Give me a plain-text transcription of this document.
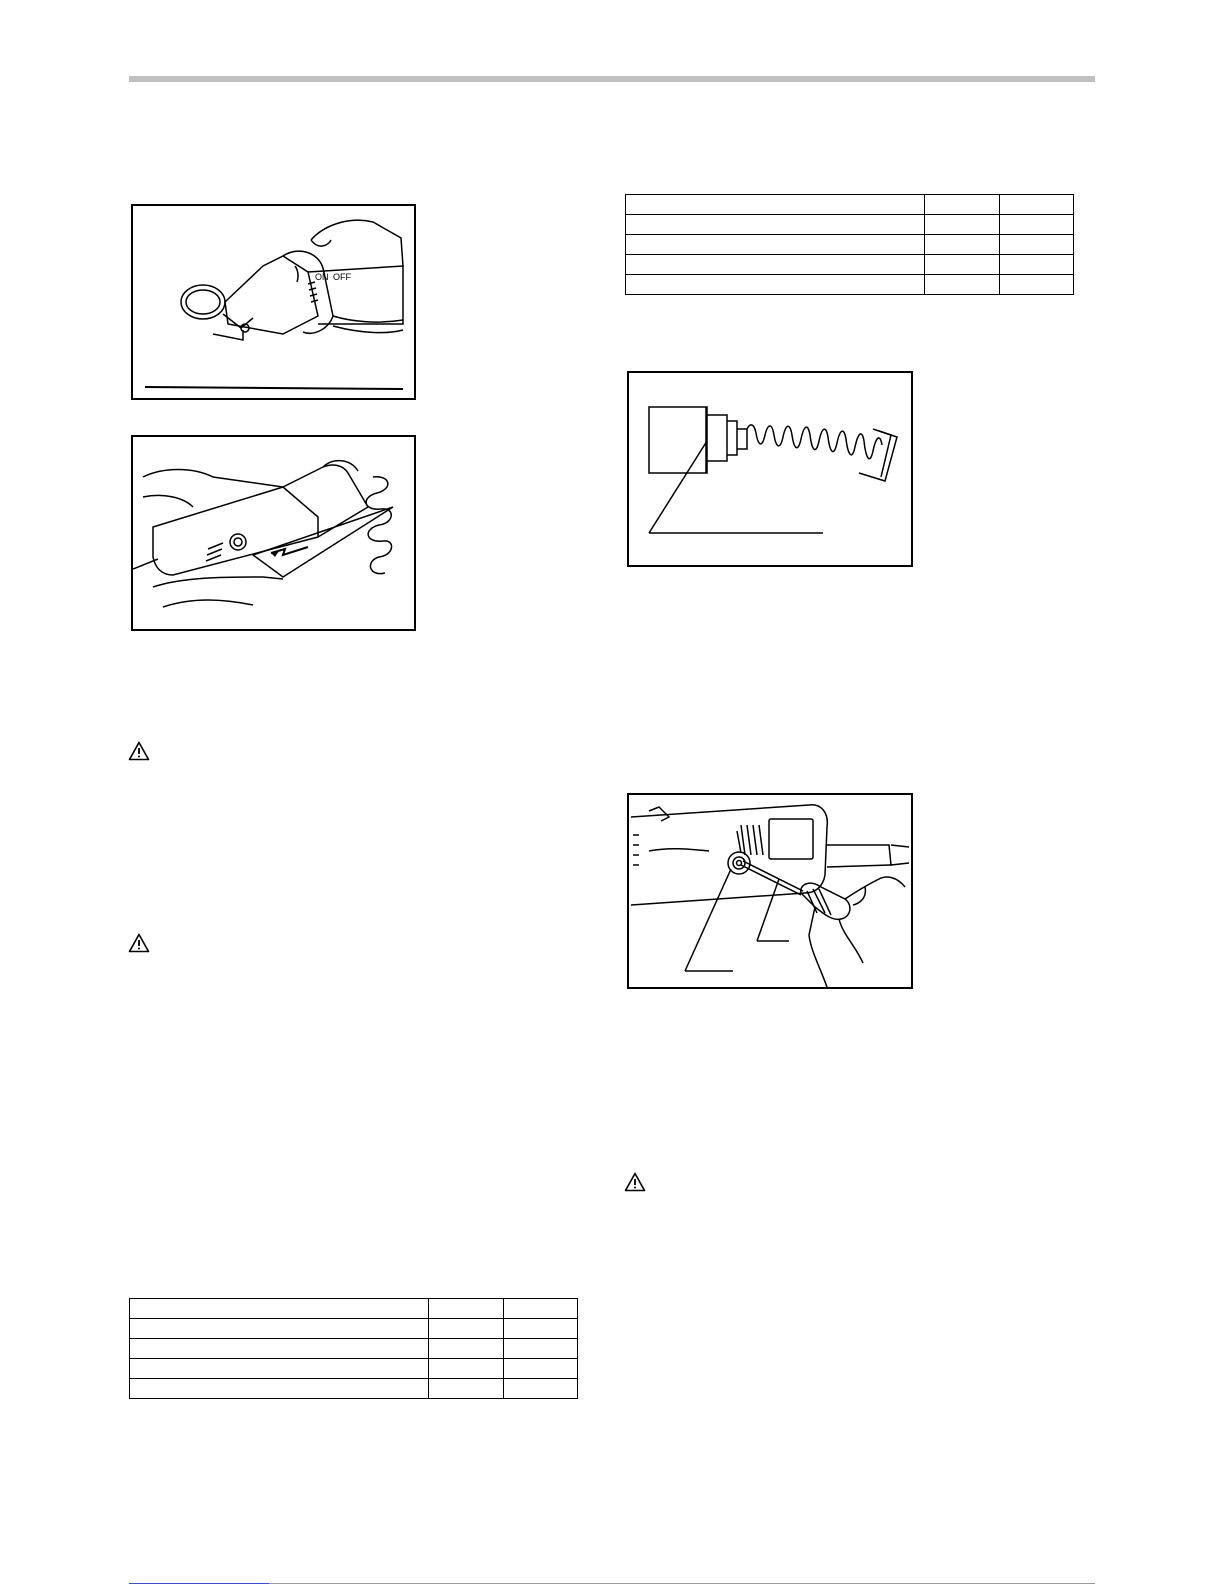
ON OFF
